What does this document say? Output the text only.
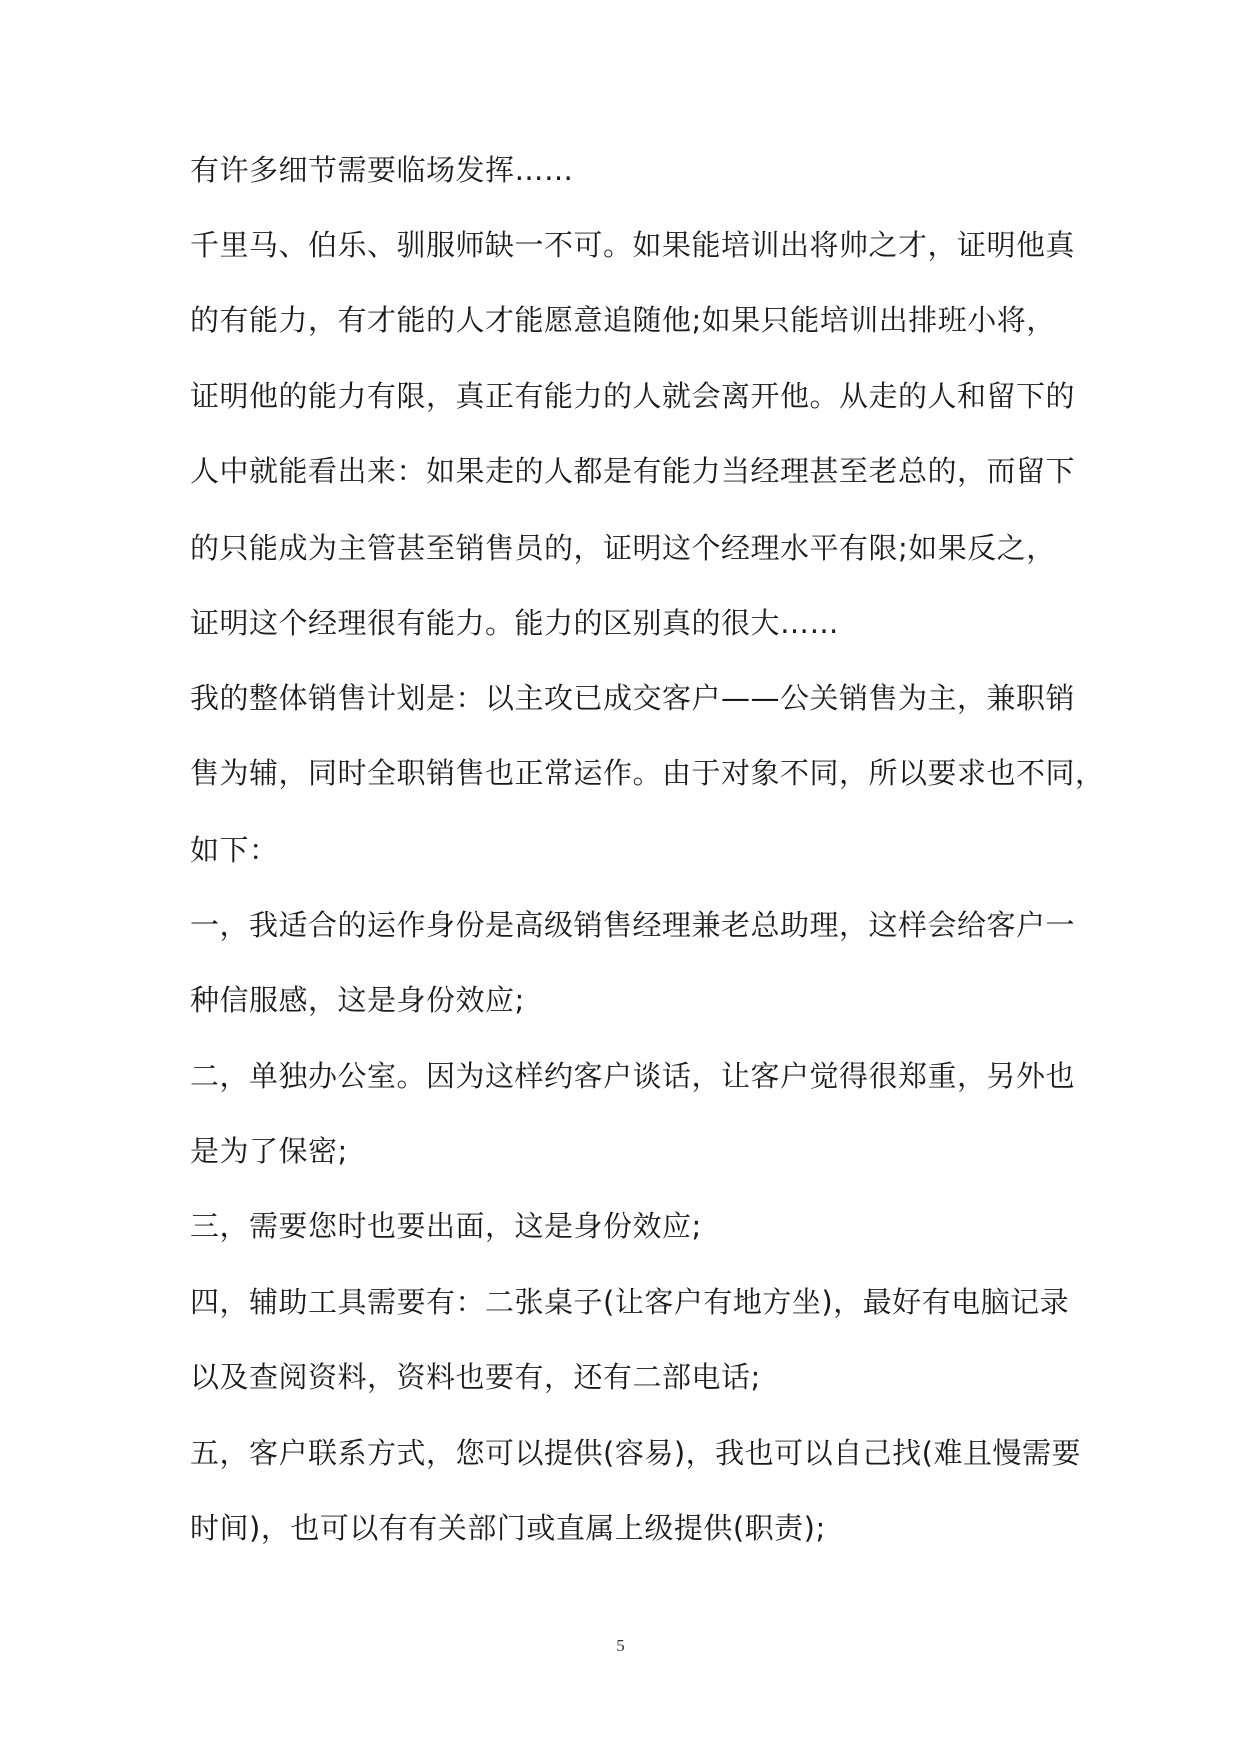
有许多细节需要临场发挥……
千里马、伯乐、驯服师缺一不可。如果能培训出将帅之才，证明他真
的有能力，有才能的人才能愿意追随他;如果只能培训出排班小将，
证明他的能力有限，真正有能力的人就会离开他。从走的人和留下的
人中就能看出来：如果走的人都是有能力当经理甚至老总的，而留下
的只能成为主管甚至销售员的，证明这个经理水平有限;如果反之，
证明这个经理很有能力。能力的区别真的很大……
我的整体销售计划是：以主攻已成交客户——公关销售为主，兼职销
售为辅，同时全职销售也正常运作。由于对象不同，所以要求也不同，
如下：
一，我适合的运作身份是高级销售经理兼老总助理，这样会给客户一
种信服感，这是身份效应;
二，单独办公室。因为这样约客户谈话，让客户觉得很郑重，另外也
是为了保密;
三，需要您时也要出面，这是身份效应;
四，辅助工具需要有：二张桌子(让客户有地方坐)，最好有电脑记录
以及查阅资料，资料也要有，还有二部电话;
五，客户联系方式，您可以提供(容易)，我也可以自己找(难且慢需要
时间)，也可以有有关部门或直属上级提供(职责);
5
